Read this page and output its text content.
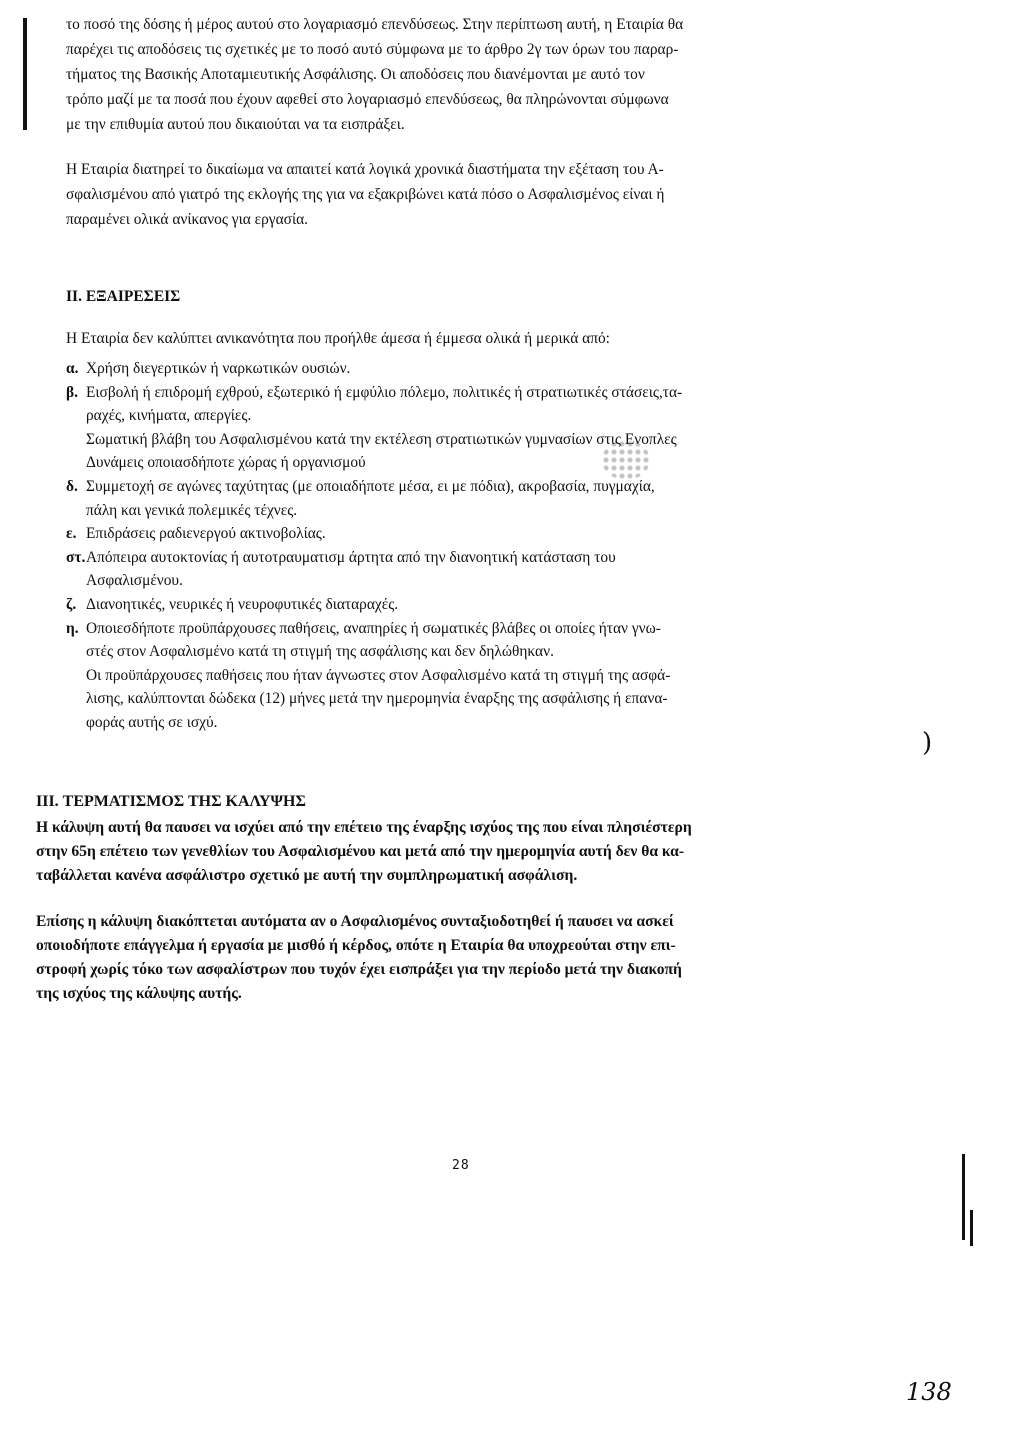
το ποσό της δόσης ή μέρος αυτού στο λογαριασμό επενδύσεως. Στην περίπτωση αυτή, η Εταιρία θα
παρέχει τις αποδόσεις τις σχετικές με το ποσό αυτό σύμφωνα με το άρθρο 2γ των όρων του παραρ-
τήματος της Βασικής Αποταμιευτικής Ασφάλισης. Οι αποδόσεις που διανέμονται με αυτό τον
τρόπο μαζί με τα ποσά που έχουν αφεθεί στο λογαριασμό επενδύσεως, θα πληρώνονται σύμφωνα
με την επιθυμία αυτού που δικαιούται να τα εισπράξει.
Η Εταιρία διατηρεί το δικαίωμα να απαιτεί κατά λογικά χρονικά διαστήματα την εξέταση του Α-
σφαλισμένου από γιατρό της εκλογής της για να εξακριβώνει κατά πόσο ο Ασφαλισμένος είναι ή
παραμένει ολικά ανίκανος για εργασία.
II. ΕΞΑΙΡΕΣΕΙΣ
Η Εταιρία δεν καλύπτει ανικανότητα που προήλθε άμεσα ή έμμεσα ολικά ή μερικά από:
α. Χρήση διεγερτικών ή ναρκωτικών ουσιών.
β. Εισβολή ή επιδρομή εχθρού, εξωτερικό ή εμφύλιο πόλεμο, πολιτικές ή στρατιωτικές στάσεις,τα-
ραχές, κινήματα, απεργίες.
Σωματική βλάβη του Ασφαλισμένου κατά την εκτέλεση στρατιωτικών γυμνασίων στις Ενοπλες
Δυνάμεις οποιασδήποτε χώρας ή οργανισμού
δ. Συμμετοχή σε αγώνες ταχύτητας (με οποιαδήποτε μέσα, ει με πόδια), ακροβασία, πυγμαχία,
πάλη και γενικά πολεμικές τέχνες.
ε. Επιδράσεις ραδιενεργού ακτινοβολίας.
στ. Απόπειρα αυτοκτονίας ή αυτοτραυματισμ άρτητα από την διανοητική κατάσταση του
Ασφαλισμένου.
ζ. Διανοητικές, νευρικές ή νευροφυτικές διαταραχές.
η. Οποιεσδήποτε προϋπάρχουσες παθήσεις, αναπηρίες ή σωματικές βλάβες οι οποίες ήταν γνω-
στές στον Ασφαλισμένο κατά τη στιγμή της ασφάλισης και δεν δηλώθηκαν.
Οι προϋπάρχουσες παθήσεις που ήταν άγνωστες στον Ασφαλισμένο κατά τη στιγμή της ασφά-
λισης, καλύπτονται δώδεκα (12) μήνες μετά την ημερομηνία έναρξης της ασφάλισης ή επανα-
φοράς αυτής σε ισχύ.
)
III. ΤΕΡΜΑΤΙΣΜΟΣ ΤΗΣ ΚΑΛΥΨΗΣ
Η κάλυψη αυτή θα παυσει να ισχύει από την επέτειο της έναρξης ισχύος της που είναι πλησιέστερη
στην 65η επέτειο των γενεθλίων του Ασφαλισμένου και μετά από την ημερομηνία αυτή δεν θα κα-
ταβάλλεται κανένα ασφάλιστρο σχετικό με αυτή την συμπληρωματική ασφάλιση.
Επίσης η κάλυψη διακόπτεται αυτόματα αν ο Ασφαλισμένος συνταξιοδοτηθεί ή παυσει να ασκεί
οποιοδήποτε επάγγελμα ή εργασία με μισθό ή κέρδος, οπότε η Εταιρία θα υποχρεούται στην επι-
στροφή χωρίς τόκο των ασφαλίστρων που τυχόν έχει εισπράξει για την περίοδο μετά την διακοπή
της ισχύος της κάλυψης αυτής.
28
138
